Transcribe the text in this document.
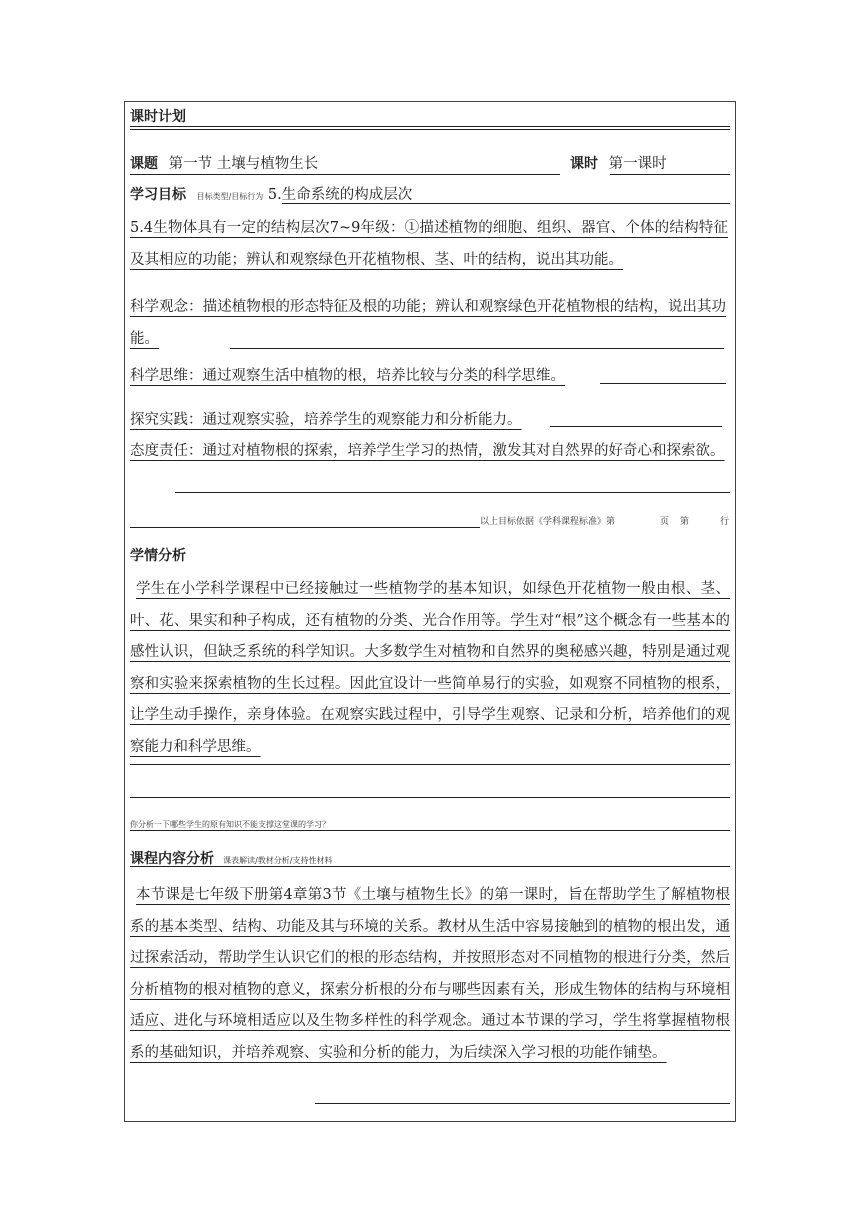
课时计划
课题 第一节 土壤与植物生长	课时 第一课时
学习目标 目标类型/目标行为 5.生命系统的构成层次
5.4生物体具有一定的结构层次7~9年级：①描述植物的细胞、组织、器官、个体的结构特征及其相应的功能；辨认和观察绿色开花植物根、茎、叶的结构，说出其功能。
科学观念：描述植物根的形态特征及根的功能；辨认和观察绿色开花植物根的结构，说出其功能。
科学思维：通过观察生活中植物的根，培养比较与分类的科学思维。
探究实践：通过观察实验，培养学生的观察能力和分析能力。
态度责任：通过对植物根的探索，培养学生学习的热情，激发其对自然界的好奇心和探索欲。
以上目标依据《学科课程标准》第	页 第	行
学情分析
学生在小学科学课程中已经接触过一些植物学的基本知识，如绿色开花植物一般由根、茎、叶、花、果实和种子构成，还有植物的分类、光合作用等。学生对“根”这个概念有一些基本的感性认识，但缺乏系统的科学知识。大多数学生对植物和自然界的奥秘感兴趣，特别是通过观察和实验来探索植物的生长过程。因此宜设计一些简单易行的实验，如观察不同植物的根系，让学生动手操作，亲身体验。在观察实践过程中，引导学生观察、记录和分析，培养他们的观察能力和科学思维。
你分析一下哪些学生的原有知识不能支撑这堂课的学习？
课程内容分析 课表解读/教材分析/支持性材料
本节课是七年级下册第4章第3节《土壤与植物生长》的第一课时，旨在帮助学生了解植物根系的基本类型、结构、功能及其与环境的关系。教材从生活中容易接触到的植物的根出发，通过探索活动，帮助学生认识它们的根的形态结构，并按照形态对不同植物的根进行分类，然后分析植物的根对植物的意义，探索分析根的分布与哪些因素有关，形成生物体的结构与环境相适应、进化与环境相适应以及生物多样性的科学观念。通过本节课的学习，学生将掌握植物根系的基础知识，并培养观察、实验和分析的能力，为后续深入学习根的功能作铺垫。
